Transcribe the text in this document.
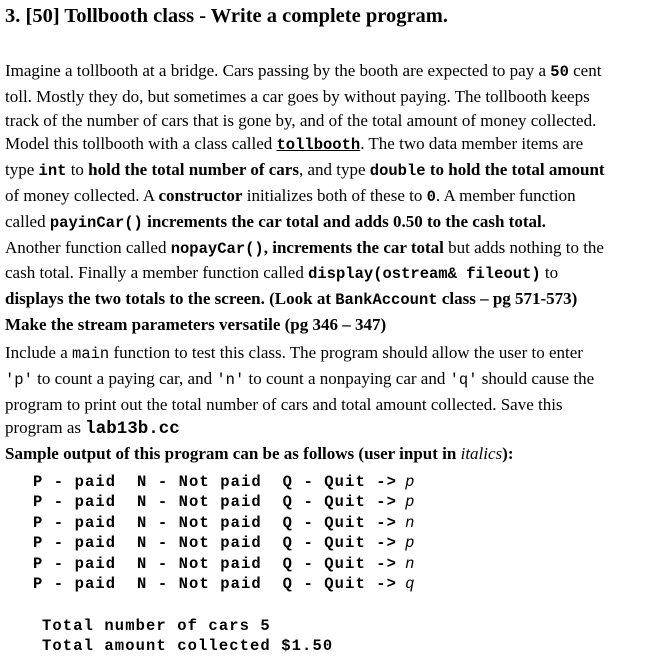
3. [50] Tollbooth class - Write a complete program.
Imagine a tollbooth at a bridge. Cars passing by the booth are expected to pay a 50 cent
toll. Mostly they do, but sometimes a car goes by without paying. The tollbooth keeps
track of the number of cars that is gone by, and of the total amount of money collected.
Model this tollbooth with a class called tollbooth. The two data member items are
type int to hold the total number of cars, and type double to hold the total amount
of money collected. A constructor initializes both of these to 0. A member function
called payinCar() increments the car total and adds 0.50 to the cash total.
Another function called nopayCar(), increments the car total but adds nothing to the
cash total. Finally a member function called display(ostream& fileout) to
displays the two totals to the screen. (Look at BankAccount class – pg 571-573)
Make the stream parameters versatile (pg 346 – 347)
Include a main function to test this class. The program should allow the user to enter
'p' to count a paying car, and 'n' to count a nonpaying car and 'q' should cause the
program to print out the total number of cars and total amount collected. Save this
program as lab13b.cc
Sample output of this program can be as follows (user input in italics):
P - paid  N - Not paid  Q - Quit -> p
P - paid  N - Not paid  Q - Quit -> p
P - paid  N - Not paid  Q - Quit -> n
P - paid  N - Not paid  Q - Quit -> p
P - paid  N - Not paid  Q - Quit -> n
P - paid  N - Not paid  Q - Quit -> q
Total number of cars 5
Total amount collected $1.50
